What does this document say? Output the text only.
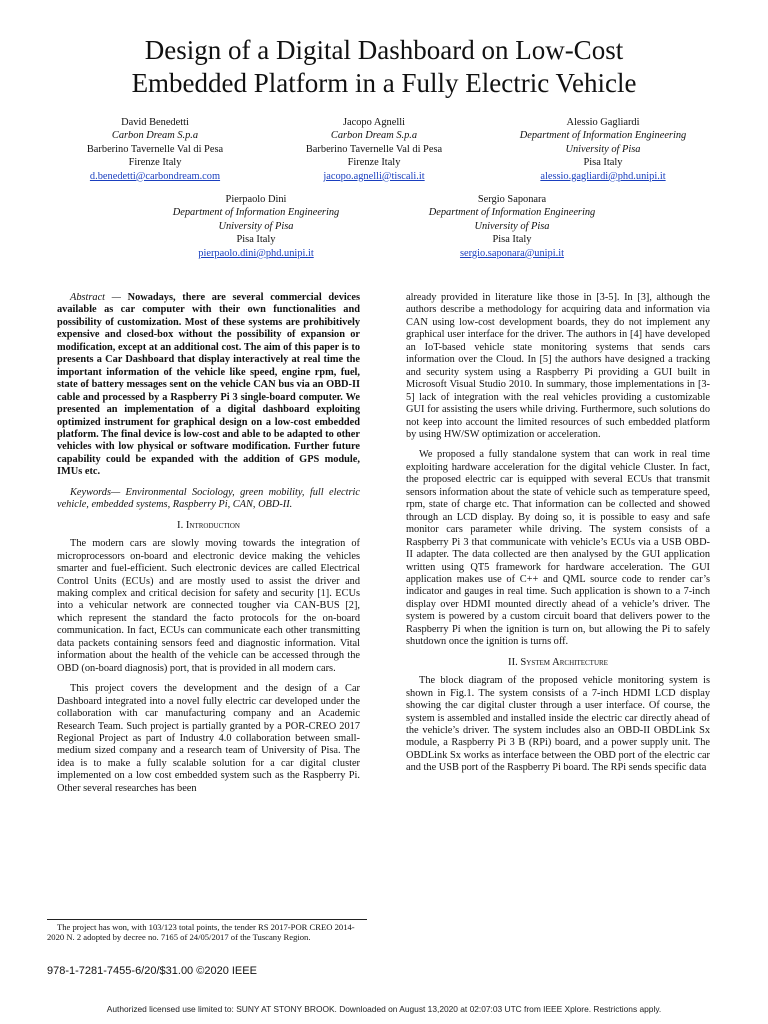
Design of a Digital Dashboard on Low-Cost
Embedded Platform in a Fully Electric Vehicle
David Benedetti
Carbon Dream S.p.a
Barberino Tavernelle Val di Pesa
Firenze Italy
d.benedetti@carbondream.com
Jacopo Agnelli
Carbon Dream S.p.a
Barberino Tavernelle Val di Pesa
Firenze Italy
jacopo.agnelli@tiscali.it
Alessio Gagliardi
Department of Information Engineering
University of Pisa
Pisa Italy
alessio.gagliardi@phd.unipi.it
Pierpaolo Dini
Department of Information Engineering
University of Pisa
Pisa Italy
pierpaolo.dini@phd.unipi.it
Sergio Saponara
Department of Information Engineering
University of Pisa
Pisa Italy
sergio.saponara@unipi.it

Abstract — Nowadays, there are several commercial devices available as car computer with their own functionalities and possibility of customization. Most of these systems are prohibitively expensive and closed-box without the possibility of expansion or modification, except at an additional cost. The aim of this paper is to presents a Car Dashboard that display interactively at real time the important information of the vehicle like speed, engine rpm, fuel, state of battery messages sent on the vehicle CAN bus via an OBD-II cable and processed by a Raspberry Pi 3 single-board computer. We presented an implementation of a digital dashboard exploiting optimized instrument for graphical design on a low-cost embedded platform. The final device is low-cost and able to be adapted to other vehicles with low physical or software modification. Further future capability could be expanded with the addition of GPS module, IMUs etc.

Keywords— Environmental Sociology, green mobility, full electric vehicle, embedded systems, Raspberry Pi, CAN, OBD-II.

I. Introduction

The modern cars are slowly moving towards the integration of microprocessors on-board and electronic device making the vehicles smarter and fuel-efficient. Such electronic devices are called Electrical Control Units (ECUs) and are mostly used to assist the driver and making complex and critical decision for safety and security [1]. ECUs into a vehicular network are connected tougher via CAN-BUS [2], which represent the standard the facto protocols for the on-board communication. In fact, ECUs can communicate each other transmitting data packets containing sensors feed and diagnostic information. Vital information about the health of the vehicle can be accessed through the OBD (on-board diagnosis) port, that is provided in all modern cars.

This project covers the development and the design of a Car Dashboard integrated into a novel fully electric car developed under the collaboration with car manufacturing company and an Academic Research Team. Such project is partially granted by a POR-CREO 2017 Regional Project as part of Industry 4.0 collaboration between small-medium sized company and a research team of University of Pisa. The idea is to make a fully scalable solution for a car digital cluster implemented on a low cost embedded system such as the Raspberry Pi. Other several researches has been

already provided in literature like those in [3-5]. In [3], although the authors describe a methodology for acquiring data and information via CAN using low-cost development boards, they do not implement any graphical user interface for the driver. The authors in [4] have developed an IoT-based vehicle state monitoring systems that sends cars information over the Cloud. In [5] the authors have designed a tracking and security system using a Raspberry Pi providing a GUI built in Microsoft Visual Studio 2010. In summary, those implementations in [3-5] lack of integration with the real vehicles providing a customizable GUI for assisting the users while driving. Furthermore, such solutions do not keep into account the limited resources of such embedded platform by using HW/SW optimization or acceleration.

We proposed a fully standalone system that can work in real time exploiting hardware acceleration for the digital vehicle Cluster. In fact, the proposed electric car is equipped with several ECUs that transmit sensors information about the state of vehicle such as temperature speed, rpm, state of charge etc. That information can be collected and showed through an LCD display. By doing so, it is possible to easy and safe monitor cars parameter while driving. The system consists of a Raspberry Pi 3 that communicate with vehicle’s ECUs via a USB OBD-II adapter. The data collected are then analysed by the GUI application written using QT5 framework for hardware acceleration. The GUI application makes use of C++ and QML source code to render car’s indicator and gauges in real time. Such application is shown to a 7-inch display over HDMI mounted directly ahead of a vehicle’s driver. The system is powered by a custom circuit board that delivers power to the Raspberry Pi when the ignition is turn on, but allowing the Pi to safely shutdown once the ignition is turns off.

II. System Architecture

The block diagram of the proposed vehicle monitoring system is shown in Fig.1. The system consists of a 7-inch HDMI LCD display showing the car digital cluster through a user interface. Of course, the system is assembled and installed inside the electric car directly ahead of the vehicle’s driver. The system includes also an OBD-II OBDLink Sx module, a Raspberry Pi 3 B (RPi) board, and a power supply unit. The OBDLink Sx works as interface between the OBD port of the electric car and the USB port of the Raspberry Pi board. The RPi sends specific data

The project has won, with 103/123 total points, the tender RS 2017-POR CREO 2014-2020 N. 2 adopted by decree no. 7165 of 24/05/2017 of the Tuscany Region.
978-1-7281-7455-6/20/$31.00 ©2020 IEEE
Authorized licensed use limited to: SUNY AT STONY BROOK. Downloaded on August 13,2020 at 02:07:03 UTC from IEEE Xplore. Restrictions apply.
